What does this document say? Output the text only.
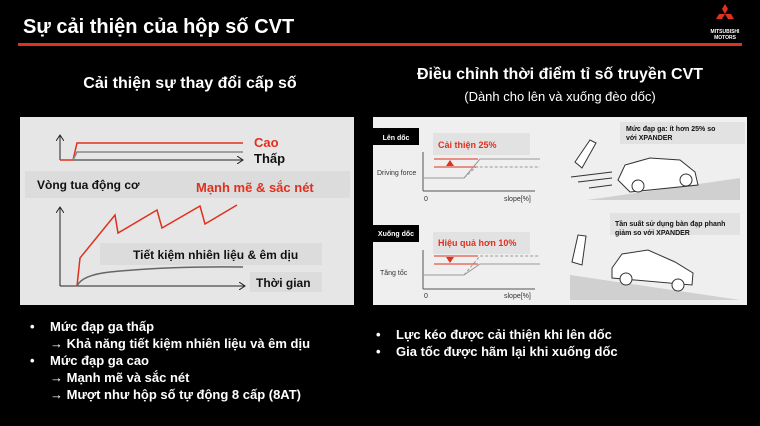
Sự cải thiện của hộp số CVT	MITSUBISHI
MOTORS
Cải thiện sự thay đổi cấp số
Điều chỉnh thời điểm tỉ số truyền CVT
(Dành cho lên và xuống đèo dốc)
Cao
Thấp
Vòng tua động cơ	Mạnh mẽ & sắc nét
Tiết kiệm nhiên liệu & êm dịu
Thời gian
Lên dốc
Cải thiện 25%
Driving force
0	slope[%]
Mức đạp ga: ít hơn 25% so
với XPANDER
Xuống dốc
Hiệu quả hơn 10%
Tăng tốc
0	slope[%]
Tần suất sử dụng bàn đạp phanh
giảm so với XPANDER
• Mức đạp ga thấp
→ Khả năng tiết kiệm nhiên liệu và êm dịu
• Mức đạp ga cao
→ Mạnh mẽ và sắc nét
→ Mượt như hộp số tự động 8 cấp (8AT)
• Lực kéo được cải thiện khi lên dốc
• Gia tốc được hãm lại khi xuống dốc
